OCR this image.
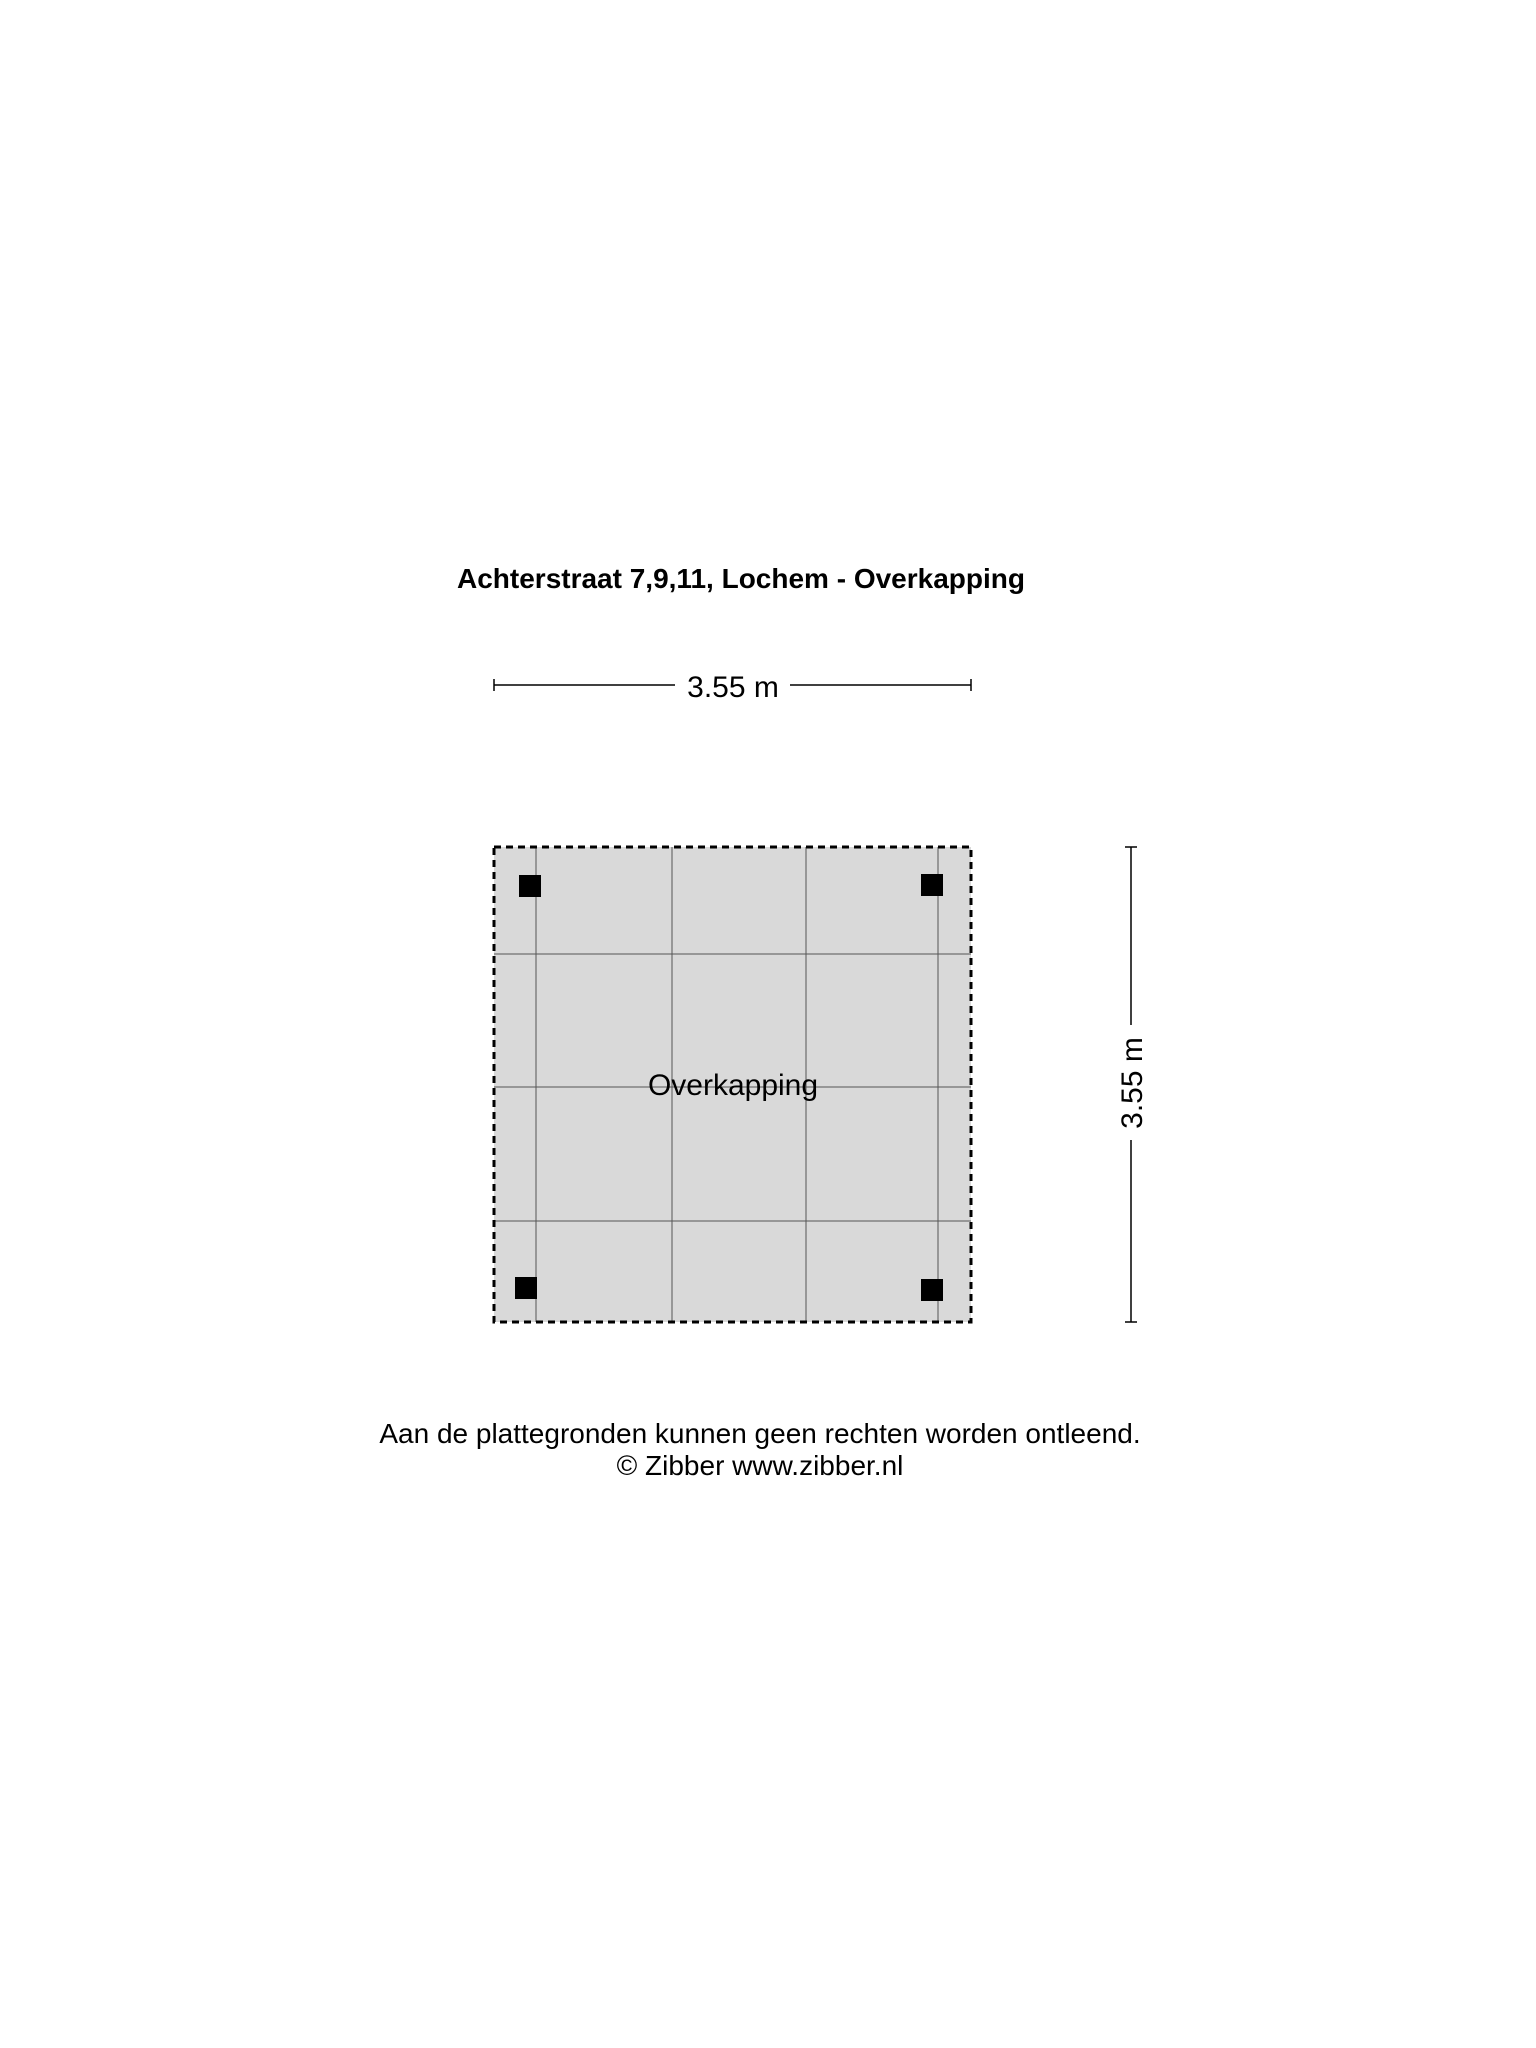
Achterstraat 7,9,11, Lochem - Overkapping
3.55 m
Overkapping	3.55 m
Aan de plattegronden kunnen geen rechten worden ontleend.
© Zibber www.zibber.nl
